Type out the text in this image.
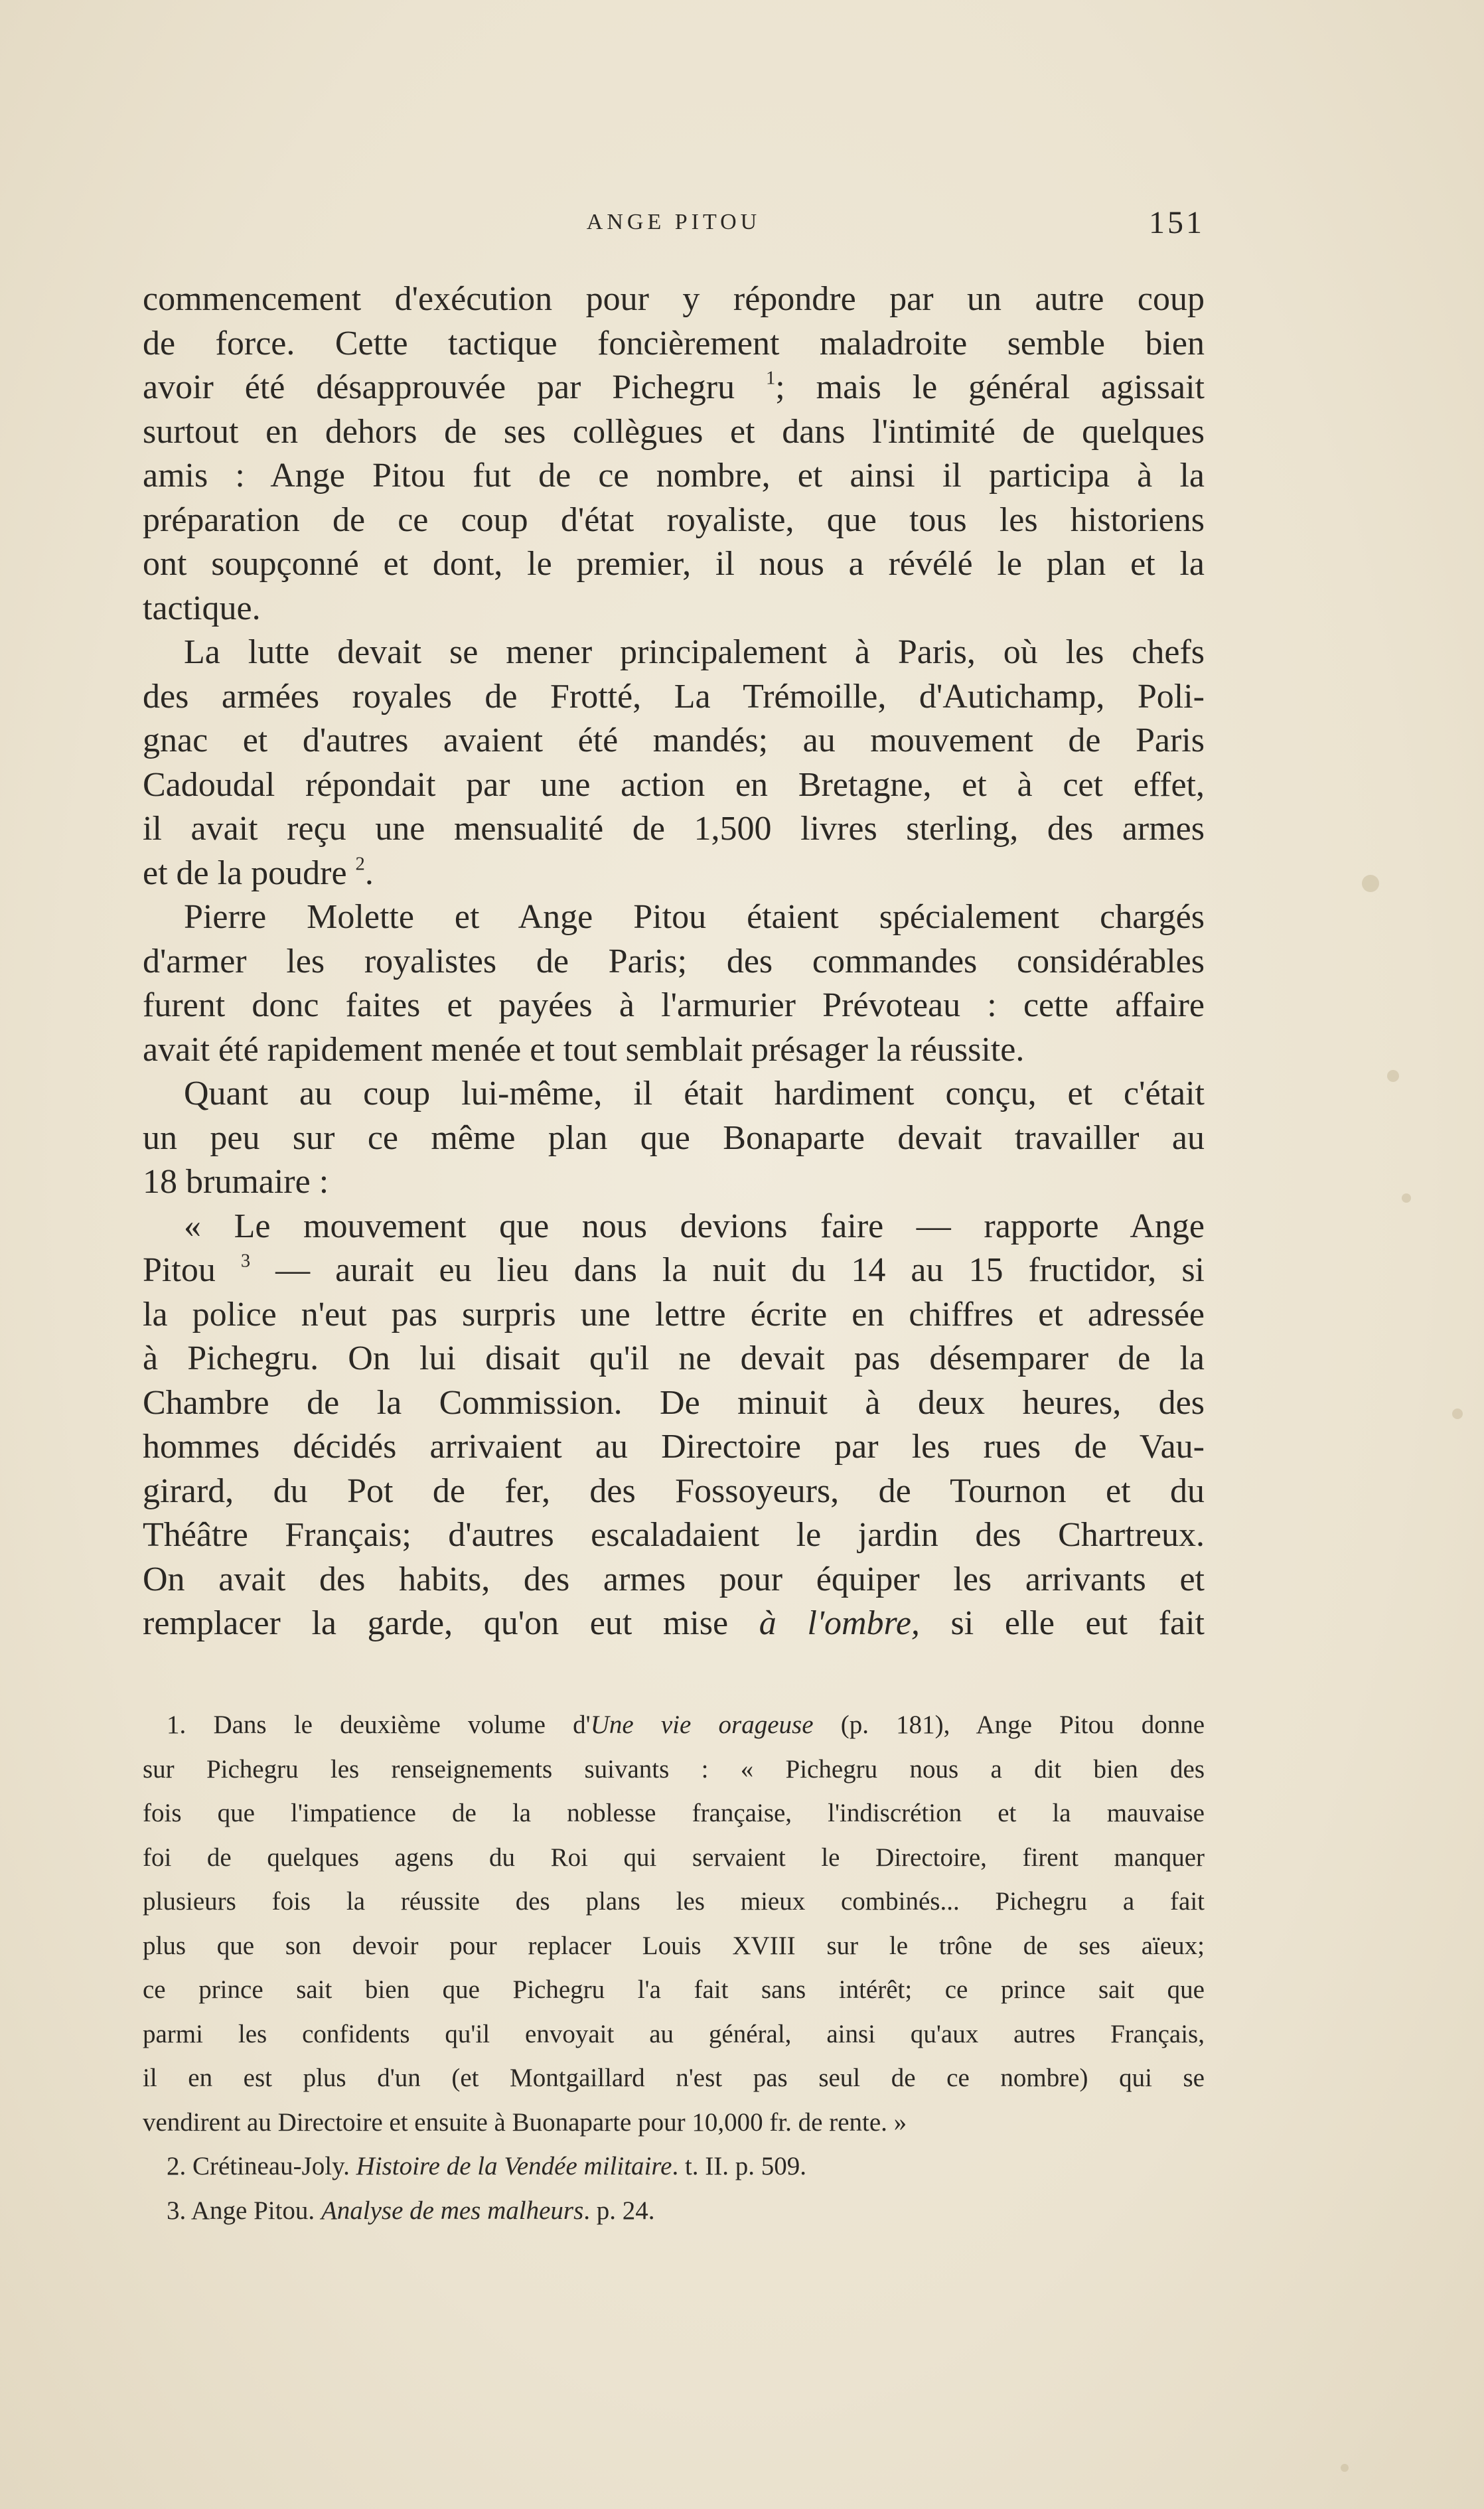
ANGE PITOU	151
commencement d'exécution pour y répondre par un autre coup
de force. Cette tactique foncièrement maladroite semble bien
avoir été désapprouvée par Pichegru $^1$; mais le général agissait
surtout en dehors de ses collègues et dans l'intimité de quelques
amis : Ange Pitou fut de ce nombre, et ainsi il participa à la
préparation de ce coup d'état royaliste, que tous les historiens
ont soupçonné et dont, le premier, il nous a révélé le plan et la
tactique.
La lutte devait se mener principalement à Paris, où les chefs
des armées royales de Frotté, La Trémoille, d'Autichamp, Poli-
gnac et d'autres avaient été mandés; au mouvement de Paris
Cadoudal répondait par une action en Bretagne, et à cet effet,
il avait reçu une mensualité de 1,500 livres sterling, des armes
et de la poudre $^2$.
Pierre Molette et Ange Pitou étaient spécialement chargés
d'armer les royalistes de Paris; des commandes considérables
furent donc faites et payées à l'armurier Prévoteau : cette affaire
avait été rapidement menée et tout semblait présager la réussite.
Quant au coup lui-même, il était hardiment conçu, et c'était
un peu sur ce même plan que Bonaparte devait travailler au
18 brumaire :
« Le mouvement que nous devions faire — rapporte Ange
Pitou $^3$ — aurait eu lieu dans la nuit du 14 au 15 fructidor, si
la police n'eut pas surpris une lettre écrite en chiffres et adressée
à Pichegru. On lui disait qu'il ne devait pas désemparer de la
Chambre de la Commission. De minuit à deux heures, des
hommes décidés arrivaient au Directoire par les rues de Vau-
girard, du Pot de fer, des Fossoyeurs, de Tournon et du
Théâtre Français; d'autres escaladaient le jardin des Chartreux.
On avait des habits, des armes pour équiper les arrivants et
remplacer la garde, qu'on eut mise à l'ombre, si elle eut fait
1. Dans le deuxième volume d'Une vie orageuse (p. 181), Ange Pitou donne
sur Pichegru les renseignements suivants : « Pichegru nous a dit bien des
fois que l'impatience de la noblesse française, l'indiscrétion et la mauvaise
foi de quelques agens du Roi qui servaient le Directoire, firent manquer
plusieurs fois la réussite des plans les mieux combinés... Pichegru a fait
plus que son devoir pour replacer Louis XVIII sur le trône de ses aïeux;
ce prince sait bien que Pichegru l'a fait sans intérêt; ce prince sait que
parmi les confidents qu'il envoyait au général, ainsi qu'aux autres Français,
il en est plus d'un (et Montgaillard n'est pas seul de ce nombre) qui se
vendirent au Directoire et ensuite à Buonaparte pour 10,000 fr. de rente. »
2. Crétineau-Joly. Histoire de la Vendée militaire. t. II. p. 509.
3. Ange Pitou. Analyse de mes malheurs. p. 24.
